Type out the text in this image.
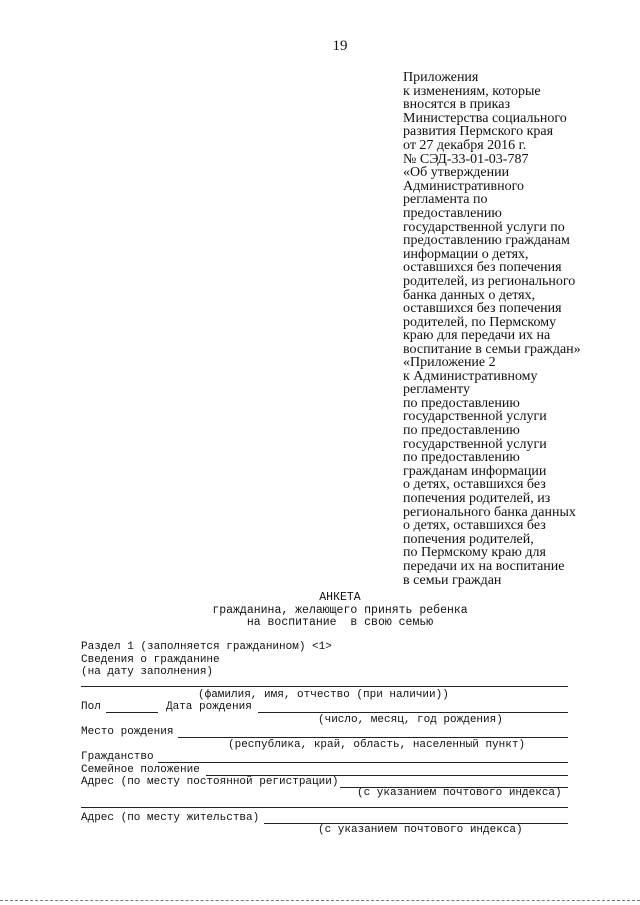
19
Приложения
к изменениям, которые
вносятся в приказ
Министерства социального
развития Пермского края
от 27 декабря 2016 г.
№ СЭД-33-01-03-787
«Об утверждении
Административного
регламента по
предоставлению
государственной услуги по
предоставлению гражданам
информации о детях,
оставшихся без попечения
родителей, из регионального
банка данных о детях,
оставшихся без попечения
родителей, по Пермскому
краю для передачи их на
воспитание в семьи граждан»
«Приложение 2
к Административному
регламенту
по предоставлению
государственной услуги
по предоставлению
государственной услуги
по предоставлению
гражданам информации
о детях, оставшихся без
попечения родителей, из
регионального банка данных
о детях, оставшихся без
попечения родителей,
по Пермскому краю для
передачи их на воспитание
в семьи граждан
АНКЕТА
гражданина, желающего принять ребенка
на воспитание  в свою семью
Раздел 1 (заполняется гражданином) <1>
Сведения о гражданине
(на дату заполнения)
(фамилия, имя, отчество (при наличии))
Пол	Дата рождения
(число, месяц, год рождения)
Место рождения
(республика, край, область, населенный пункт)
Гражданство
Семейное положение
Адрес (по месту постоянной регистрации)
(с указанием почтового индекса)
Адрес (по месту жительства)
(с указанием почтового индекса)
